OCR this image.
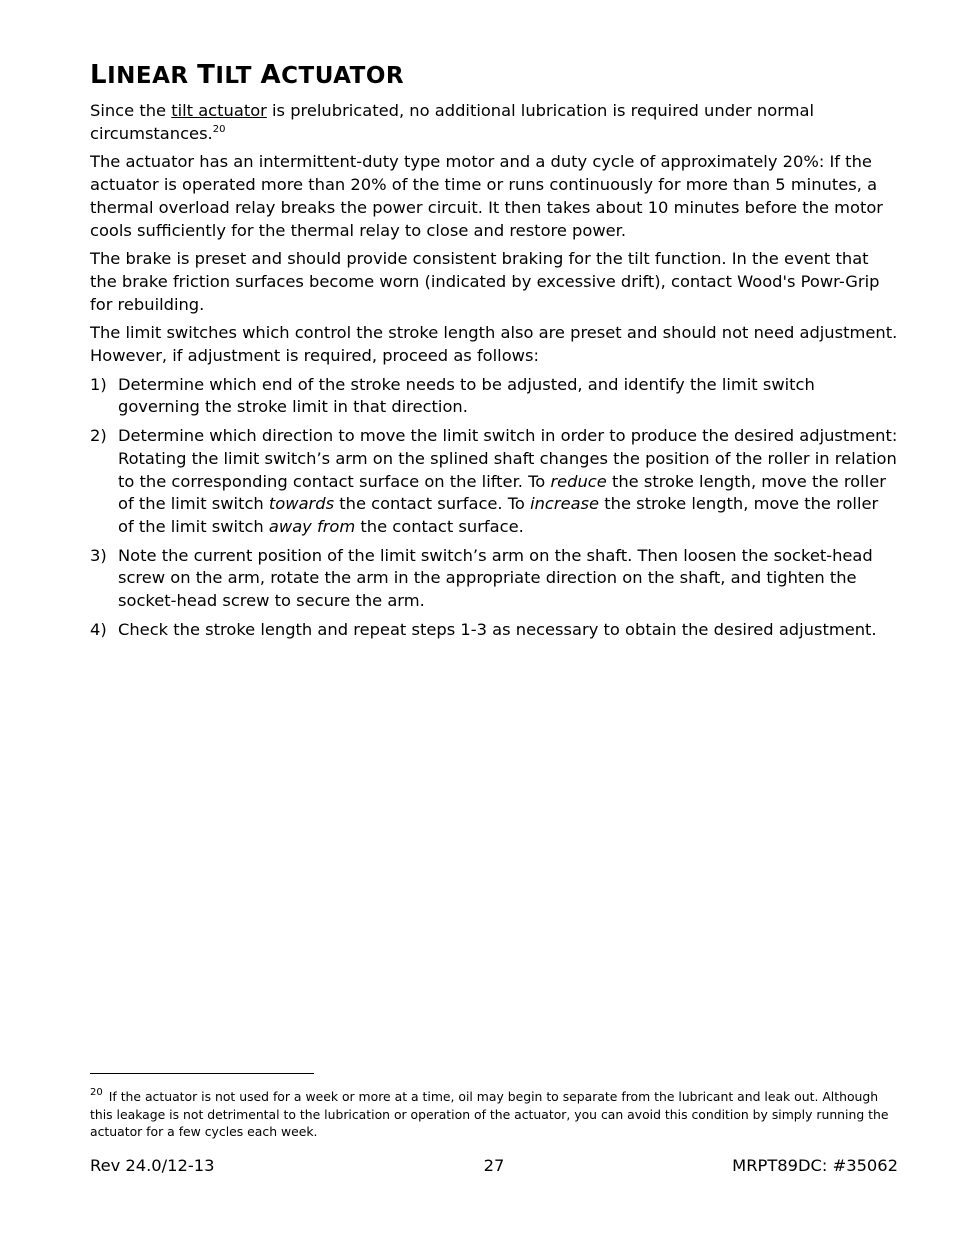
LINEAR TILT ACTUATOR

Since the tilt actuator is prelubricated, no additional lubrication is required under normal circumstances.$^{20}$

The actuator has an intermittent-duty type motor and a duty cycle of approximately 20%: If the actuator is operated more than 20% of the time or runs continuously for more than 5 minutes, a thermal overload relay breaks the power circuit. It then takes about 10 minutes before the motor cools sufficiently for the thermal relay to close and restore power.

The brake is preset and should provide consistent braking for the tilt function. In the event that the brake friction surfaces become worn (indicated by excessive drift), contact Wood's Powr-Grip for rebuilding.

The limit switches which control the stroke length also are preset and should not need adjustment. However, if adjustment is required, proceed as follows:

1) Determine which end of the stroke needs to be adjusted, and identify the limit switch governing the stroke limit in that direction.
2) Determine which direction to move the limit switch in order to produce the desired adjustment: Rotating the limit switch’s arm on the splined shaft changes the position of the roller in relation to the corresponding contact surface on the lifter. To reduce the stroke length, move the roller of the limit switch towards the contact surface. To increase the stroke length, move the roller of the limit switch away from the contact surface.
3) Note the current position of the limit switch’s arm on the shaft. Then loosen the socket-head screw on the arm, rotate the arm in the appropriate direction on the shaft, and tighten the socket-head screw to secure the arm.
4) Check the stroke length and repeat steps 1-3 as necessary to obtain the desired adjustment.
$^{20}$ If the actuator is not used for a week or more at a time, oil may begin to separate from the lubricant and leak out. Although this leakage is not detrimental to the lubrication or operation of the actuator, you can avoid this condition by simply running the actuator for a few cycles each week.
Rev 24.0/12-13	27	MRPT89DC: #35062
